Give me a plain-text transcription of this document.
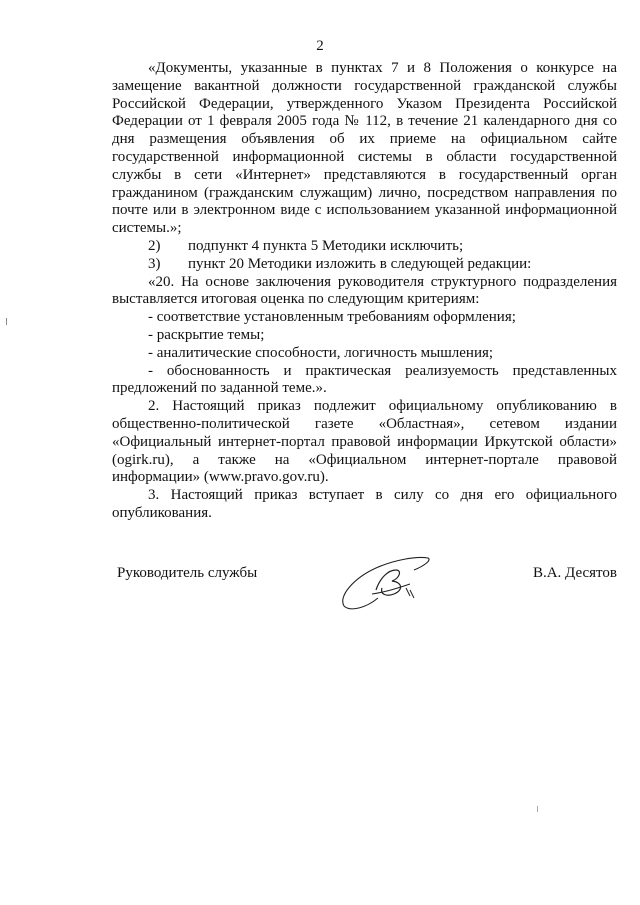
2

«Документы, указанные в пунктах 7 и 8 Положения о конкурсе на замещение вакантной должности государственной гражданской службы Российской Федерации, утвержденного Указом Президента Российской Федерации от 1 февраля 2005 года № 112, в течение 21 календарного дня со дня размещения объявления об их приеме на официальном сайте государственной информационной системы в области государственной службы в сети «Интернет» представляются в государственный орган гражданином (гражданским служащим) лично, посредством направления по почте или в электронном виде с использованием указанной информационной системы.»;

2) подпункт 4 пункта 5 Методики исключить;

3) пункт 20 Методики изложить в следующей редакции:

«20. На основе заключения руководителя структурного подразделения выставляется итоговая оценка по следующим критериям:

- соответствие установленным требованиям оформления;

- раскрытие темы;

- аналитические способности, логичность мышления;

- обоснованность и практическая реализуемость представленных предложений по заданной теме.».

2. Настоящий приказ подлежит официальному опубликованию в общественно-политической газете «Областная», сетевом издании «Официальный интернет-портал правовой информации Иркутской области» (ogirk.ru), а также на «Официальном интернет-портале правовой информации» (www.pravo.gov.ru).

3. Настоящий приказ вступает в силу со дня его официального опубликования.

Руководитель службы	В.А. Десятов
